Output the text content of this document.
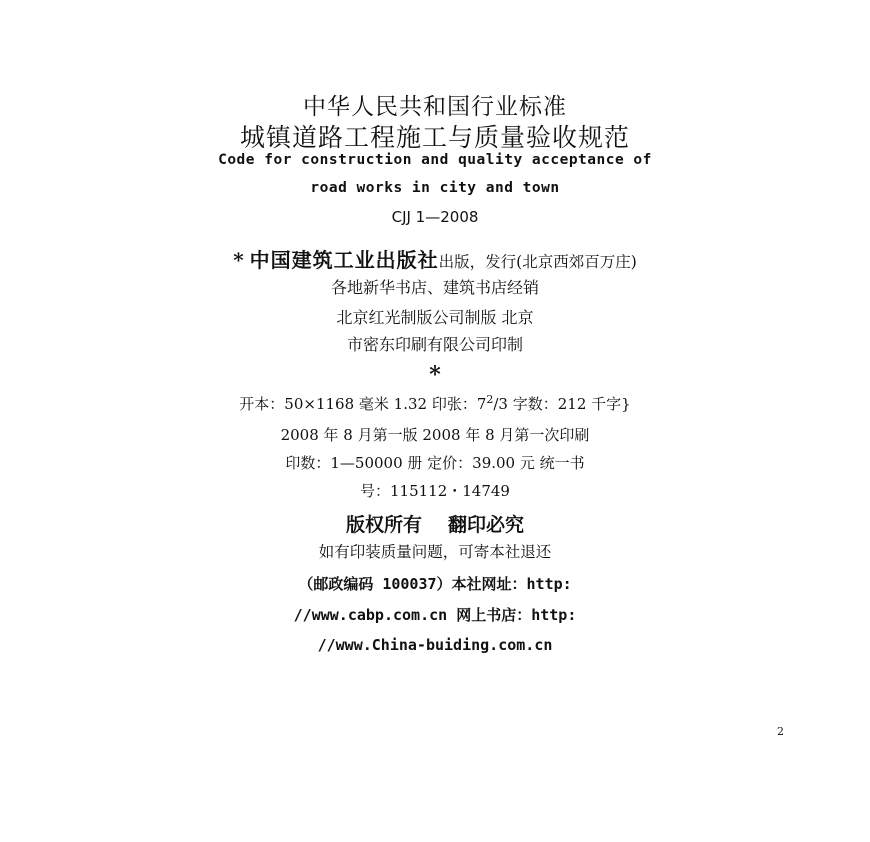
中华人民共和国行业标准
城镇道路工程施工与质量验收规范
Code for construction and quality acceptance of
road works in city and town
CJJ 1—2008
* 中国建筑工业出版社出版，发行(北京西郊百万庄)
各地新华书店、建筑书店经销
北京红光制版公司制版 北京
市密东印刷有限公司印制
*
开本：50×1168 毫米 1.32 印张：$7^2/3$ 字数：212 千字}
2008 年 8 月第一版 2008 年 8 月第一次印刷
印数：1—50000 册 定价：39.00 元 统一书
号：115112・14749
版权所有 翻印必究
如有印装质量问题，可寄本社退还
（邮政编码 100037）本社网址：http:
//www.cabp.com.cn 网上书店：http:
//www.China-buiding.com.cn
2
